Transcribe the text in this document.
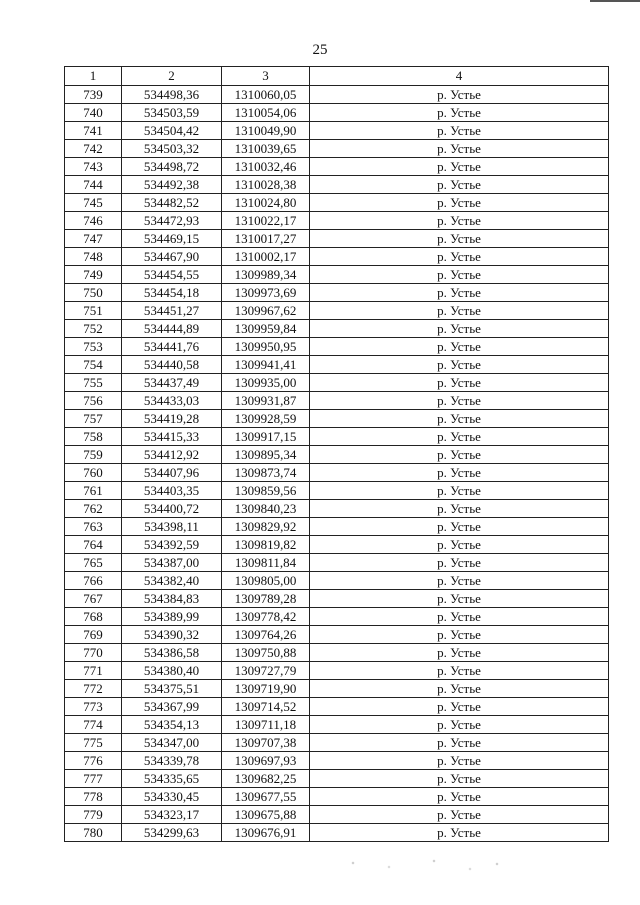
25
1	2	3	4
739	534498,36	1310060,05	р. Устье
740	534503,59	1310054,06	р. Устье
741	534504,42	1310049,90	р. Устье
742	534503,32	1310039,65	р. Устье
743	534498,72	1310032,46	р. Устье
744	534492,38	1310028,38	р. Устье
745	534482,52	1310024,80	р. Устье
746	534472,93	1310022,17	р. Устье
747	534469,15	1310017,27	р. Устье
748	534467,90	1310002,17	р. Устье
749	534454,55	1309989,34	р. Устье
750	534454,18	1309973,69	р. Устье
751	534451,27	1309967,62	р. Устье
752	534444,89	1309959,84	р. Устье
753	534441,76	1309950,95	р. Устье
754	534440,58	1309941,41	р. Устье
755	534437,49	1309935,00	р. Устье
756	534433,03	1309931,87	р. Устье
757	534419,28	1309928,59	р. Устье
758	534415,33	1309917,15	р. Устье
759	534412,92	1309895,34	р. Устье
760	534407,96	1309873,74	р. Устье
761	534403,35	1309859,56	р. Устье
762	534400,72	1309840,23	р. Устье
763	534398,11	1309829,92	р. Устье
764	534392,59	1309819,82	р. Устье
765	534387,00	1309811,84	р. Устье
766	534382,40	1309805,00	р. Устье
767	534384,83	1309789,28	р. Устье
768	534389,99	1309778,42	р. Устье
769	534390,32	1309764,26	р. Устье
770	534386,58	1309750,88	р. Устье
771	534380,40	1309727,79	р. Устье
772	534375,51	1309719,90	р. Устье
773	534367,99	1309714,52	р. Устье
774	534354,13	1309711,18	р. Устье
775	534347,00	1309707,38	р. Устье
776	534339,78	1309697,93	р. Устье
777	534335,65	1309682,25	р. Устье
778	534330,45	1309677,55	р. Устье
779	534323,17	1309675,88	р. Устье
780	534299,63	1309676,91	р. Устье
